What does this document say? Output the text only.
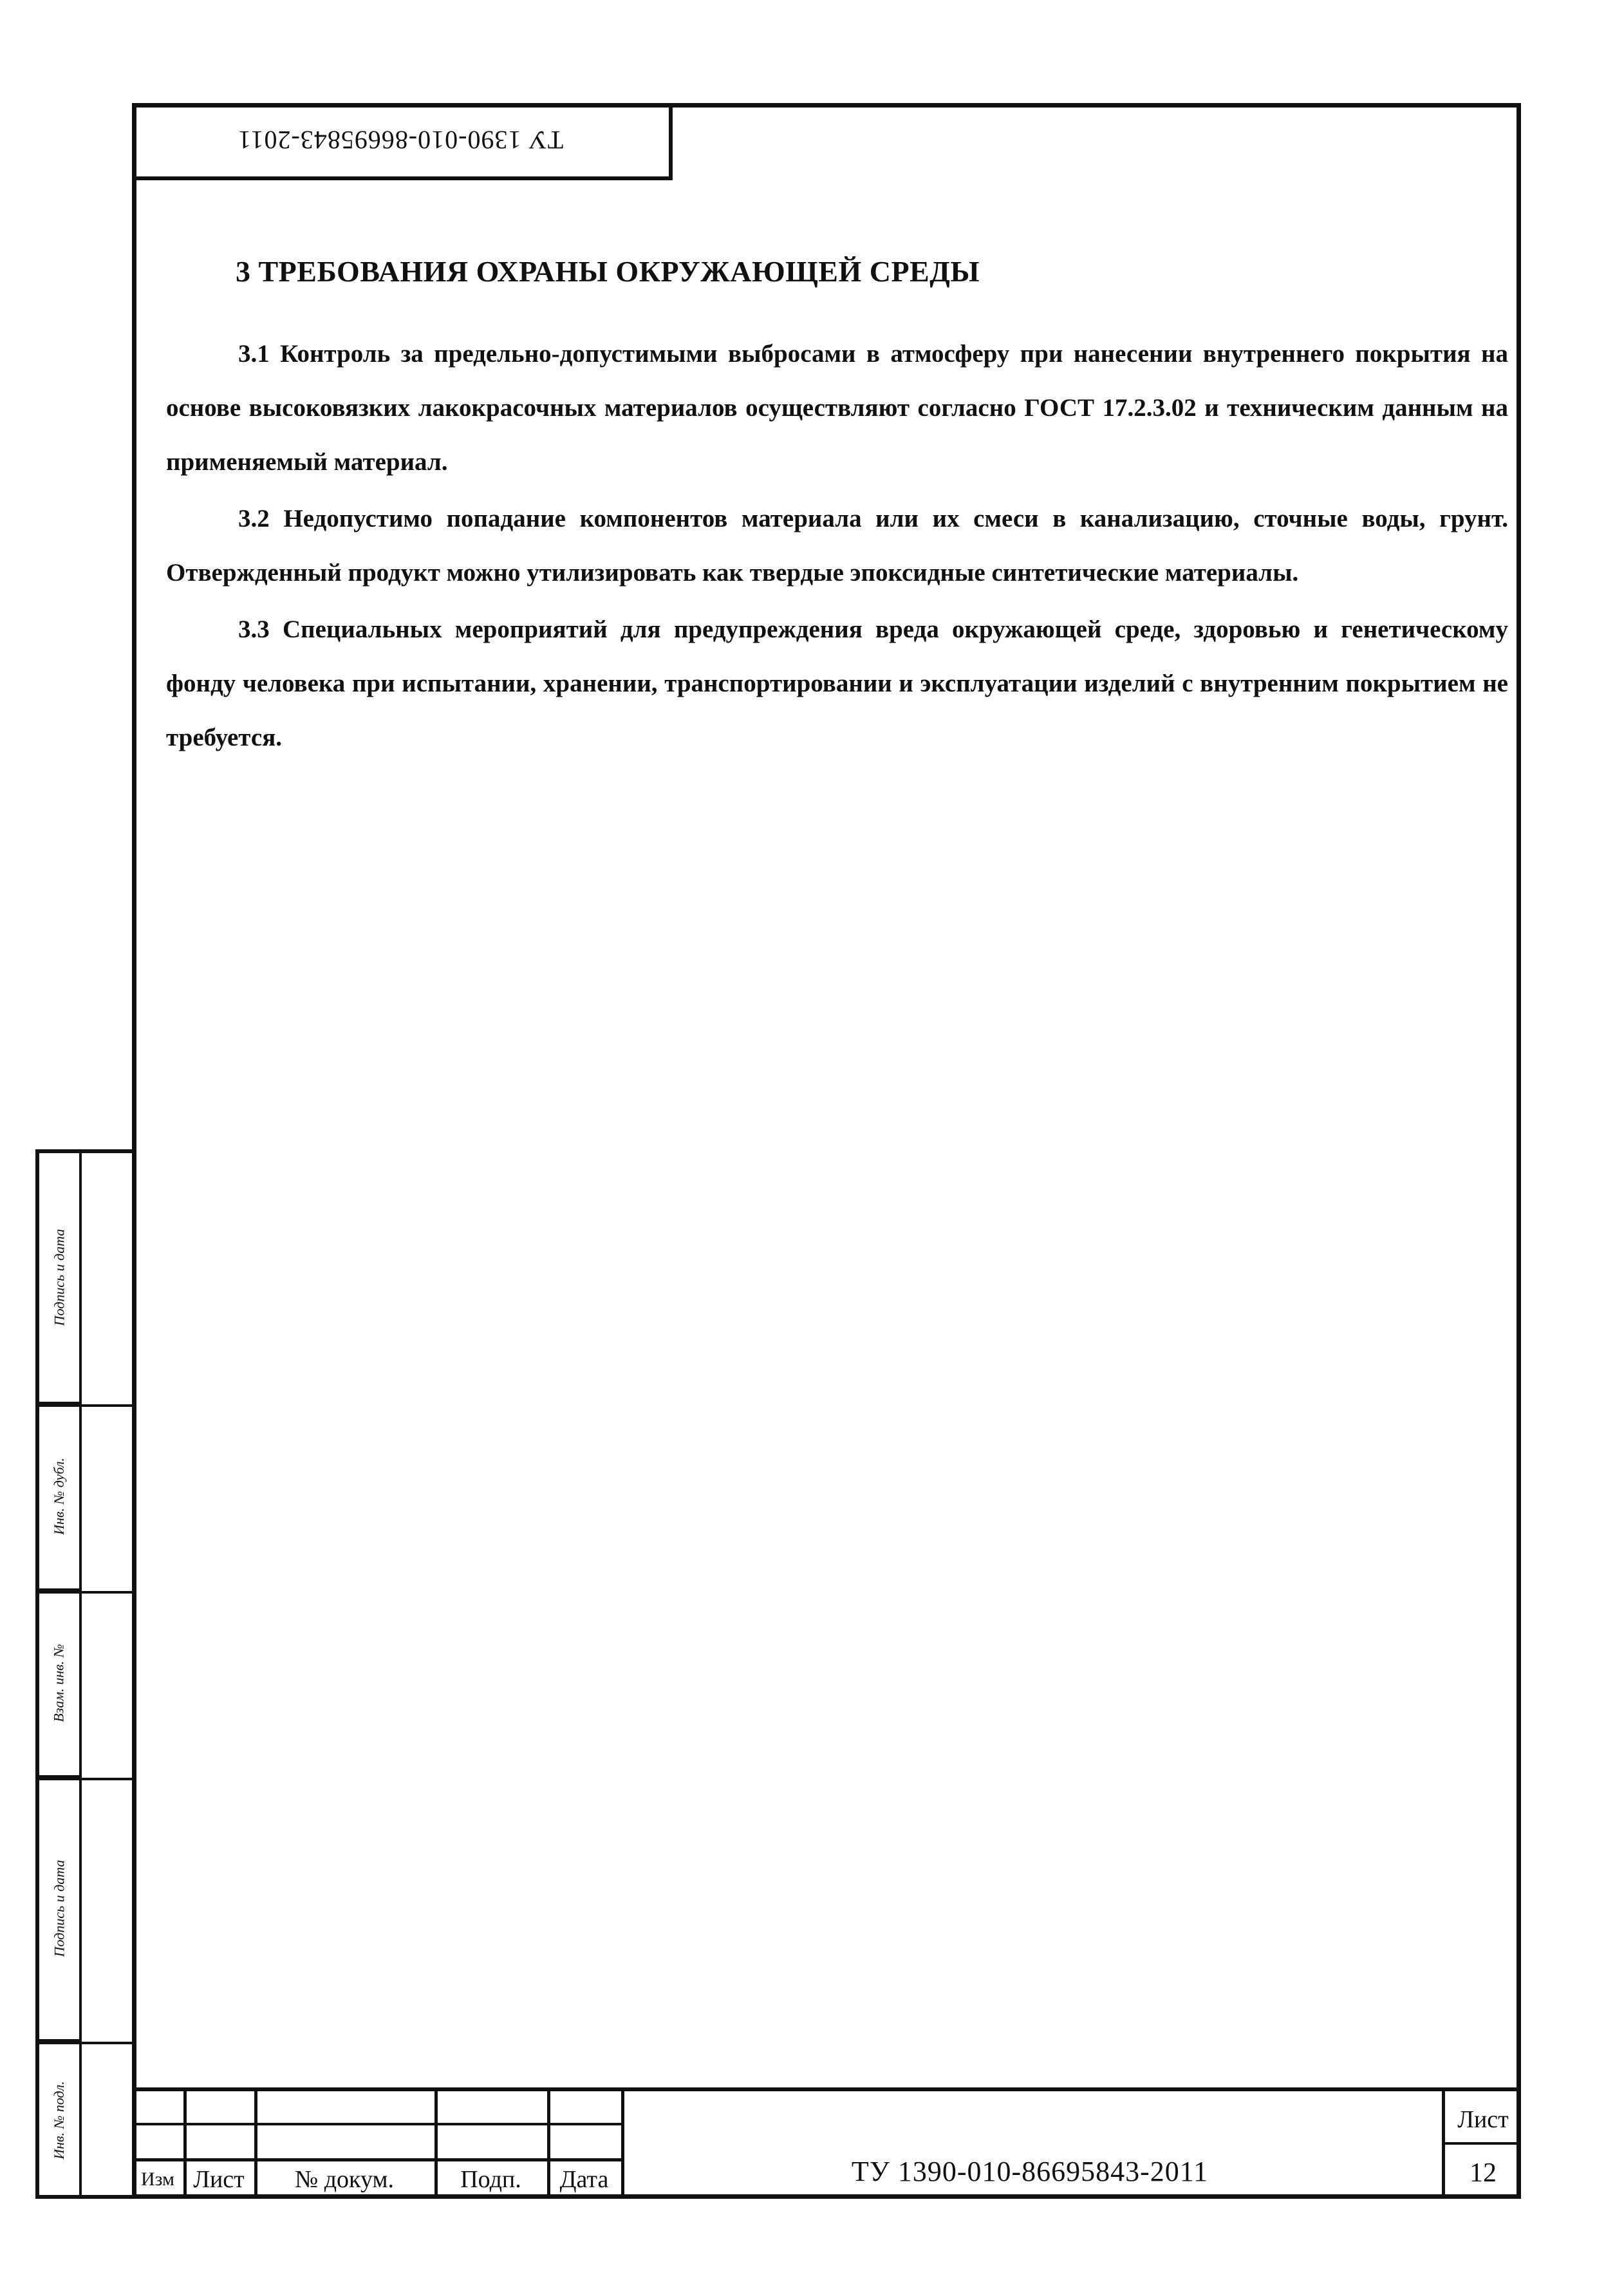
ТУ 1390-010-86695843-2011
3 ТРЕБОВАНИЯ ОХРАНЫ ОКРУЖАЮЩЕЙ СРЕДЫ

3.1 Контроль за предельно-допустимыми выбросами в атмосферу при нанесении внутреннего покрытия на основе высоковязких лакокрасочных материалов осуществляют согласно ГОСТ 17.2.3.02 и техническим данным на применяемый материал.

3.2 Недопустимо попадание компонентов материала или их смеси в канализацию, сточные воды, грунт. Отвержденный продукт можно утилизировать как твердые эпоксидные синтетические материалы.

3.3 Специальных мероприятий для предупреждения вреда окружающей среде, здоровью и генетическому фонду человека при испытании, хранении, транспортировании и эксплуатации изделий с внутренним покрытием не требуется.

Подпись и дата
Инв. № дубл.
Взам. инв. №
Подпись и дата
Инв. № подл.
Изм Лист	№ докум.	Подп.	Дата	ТУ 1390-010-86695843-2011
Лист
12
